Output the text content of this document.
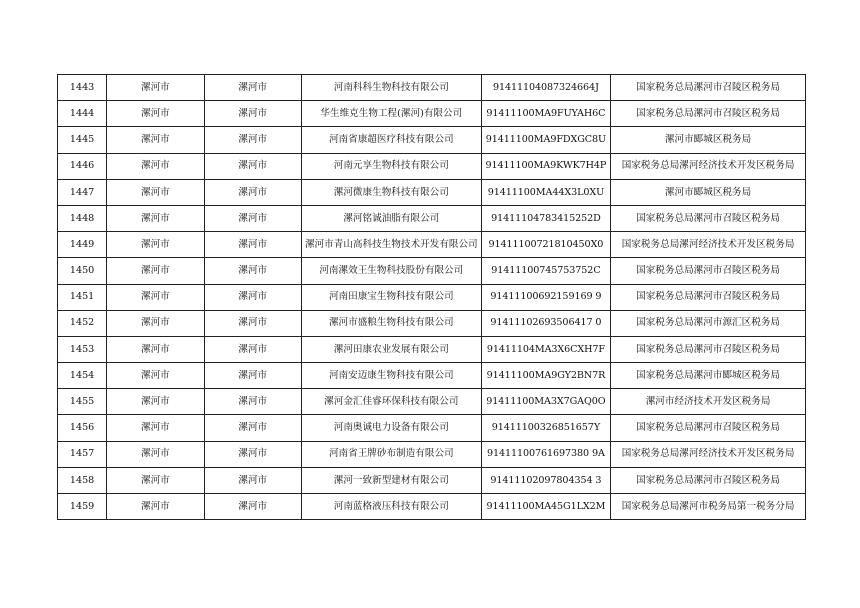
1443	漯河市	漯河市	河南科科生物科技有限公司	91411104087324664J	国家税务总局漯河市召陵区税务局
1444	漯河市	漯河市	华生维克生物工程(漯河)有限公司	91411100MA9FUYAH6C	国家税务总局漯河市召陵区税务局
1445	漯河市	漯河市	河南省康超医疗科技有限公司	91411100MA9FDXGC8U	漯河市郾城区税务局
1446	漯河市	漯河市	河南元享生物科技有限公司	91411100MA9KWK7H4P	国家税务总局漯河经济技术开发区税务局
1447	漯河市	漯河市	漯河微康生物科技有限公司	91411100MA44X3L0XU	漯河市郾城区税务局
1448	漯河市	漯河市	漯河铭诚油脂有限公司	91411104783415252D	国家税务总局漯河市召陵区税务局
1449	漯河市	漯河市	漯河市青山高科技生物技术开发有限公司	91411100721810450X0	国家税务总局漯河经济技术开发区税务局
1450	漯河市	漯河市	河南漯效王生物科技股份有限公司	91411100745753752C	国家税务总局漯河市召陵区税务局
1451	漯河市	漯河市	河南田康宝生物科技有限公司	91411100692159169 9	国家税务总局漯河市召陵区税务局
1452	漯河市	漯河市	漯河市盛粮生物科技有限公司	91411102693506417 0	国家税务总局漯河市源汇区税务局
1453	漯河市	漯河市	漯河田康农业发展有限公司	91411104MA3X6CXH7F	国家税务总局漯河市召陵区税务局
1454	漯河市	漯河市	河南安迈康生物科技有限公司	91411100MA9GY2BN7R	国家税务总局漯河市郾城区税务局
1455	漯河市	漯河市	漯河金汇佳睿环保科技有限公司	91411100MA3X7GAQ0O	漯河市经济技术开发区税务局
1456	漯河市	漯河市	河南奥诚电力设备有限公司	91411100326851657Y	国家税务总局漯河市召陵区税务局
1457	漯河市	漯河市	河南省王牌砂布制造有限公司	91411100761697380 9A	国家税务总局漯河经济技术开发区税务局
1458	漯河市	漯河市	漯河一致新型建材有限公司	91411102097804354 3	国家税务总局漯河市召陵区税务局
1459	漯河市	漯河市	河南蓝格液压科技有限公司	91411100MA45G1LX2M	国家税务总局漯河市税务局第一税务分局
